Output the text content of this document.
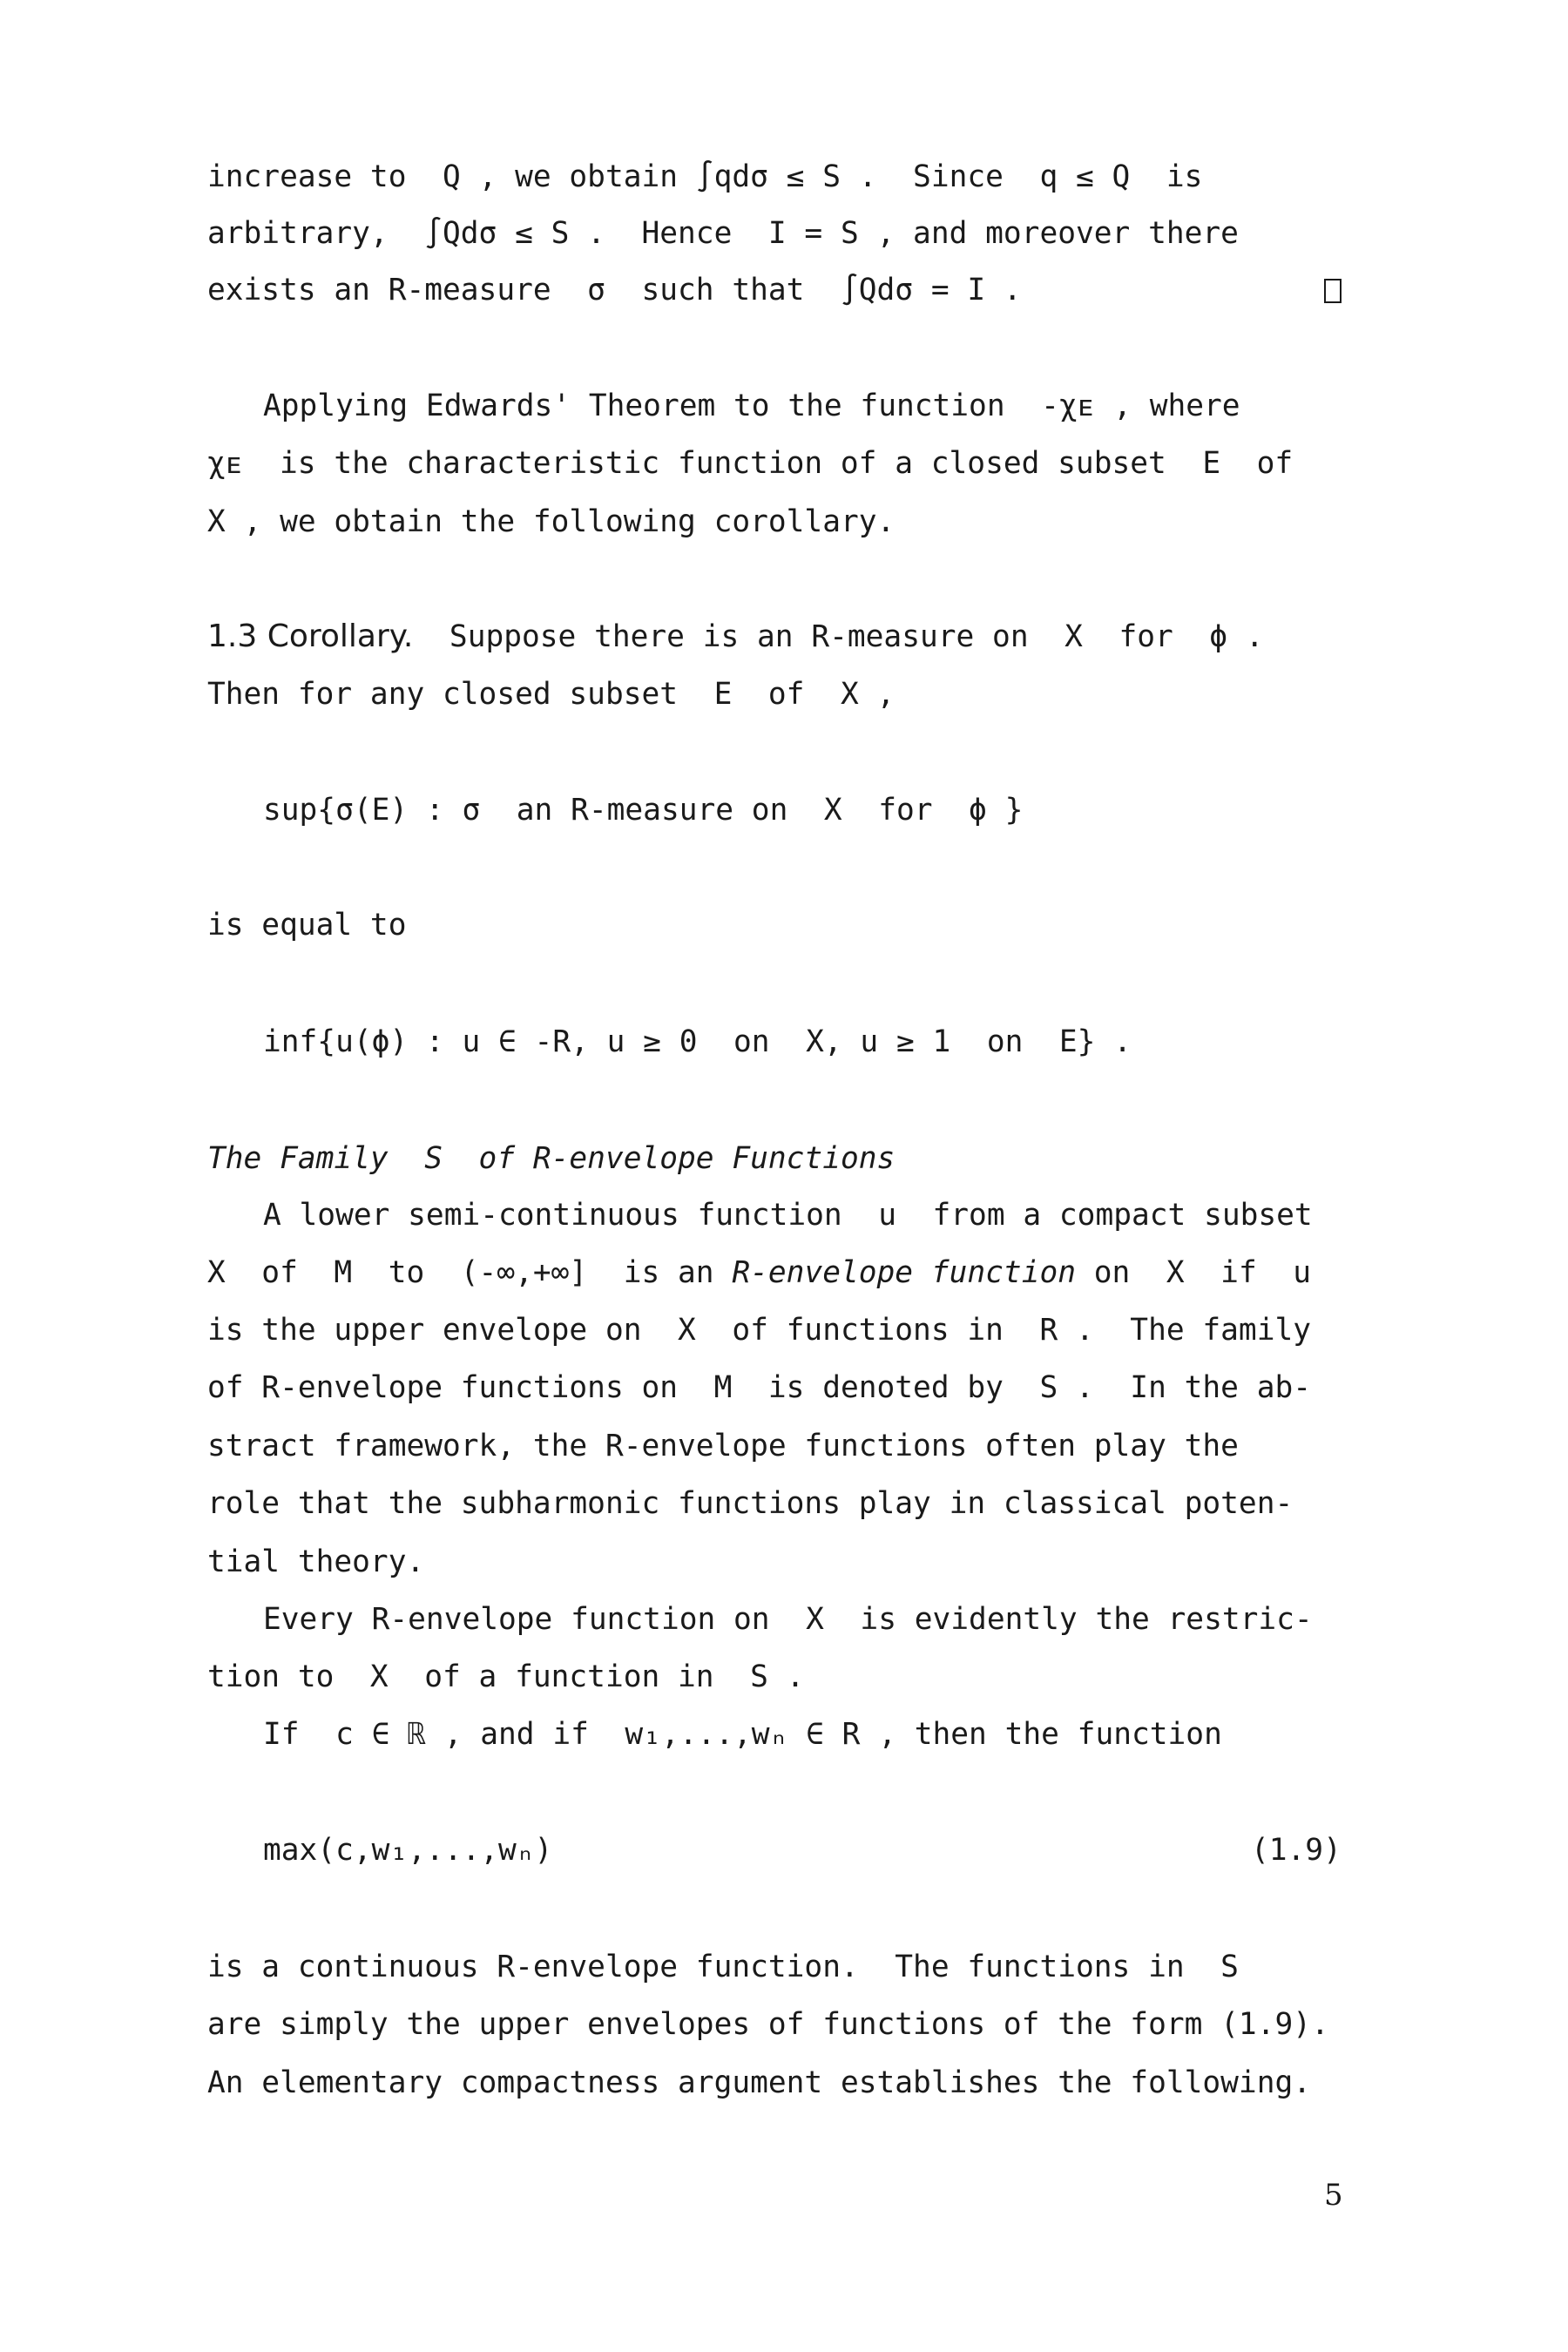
increase to  Q , we obtain ∫qdσ ≤ S .  Since  q ≤ Q  is
arbitrary,  ∫Qdσ ≤ S .  Hence  I = S , and moreover there
exists an R-measure  σ  such that  ∫Qdσ = I .
Applying Edwards' Theorem to the function  -χᴇ , where
χᴇ  is the characteristic function of a closed subset  E  of
X , we obtain the following corollary.
1.3 Corollary. Suppose there is an R-measure on  X  for  ϕ .
Then for any closed subset  E  of  X ,
sup{σ(E) : σ  an R-measure on  X  for  ϕ }
is equal to
inf{u(ϕ) : u ∈ -R, u ≥ 0  on  X, u ≥ 1  on  E} .
The Family  S  of R-envelope Functions
A lower semi-continuous function  u  from a compact subset
X  of  M  to  (-∞,+∞]  is an R-envelope function on  X  if  u
is the upper envelope on  X  of functions in  R .  The family
of R-envelope functions on  M  is denoted by  S .  In the ab-
stract framework, the R-envelope functions often play the
role that the subharmonic functions play in classical poten-
tial theory.
Every R-envelope function on  X  is evidently the restric-
tion to  X  of a function in  S .
If  c ∈ ℝ , and if  w₁,...,wₙ ∈ R , then the function
max(c,w₁,...,wₙ)	(1.9)
is a continuous R-envelope function.  The functions in  S
are simply the upper envelopes of functions of the form (1.9).
An elementary compactness argument establishes the following.
5
